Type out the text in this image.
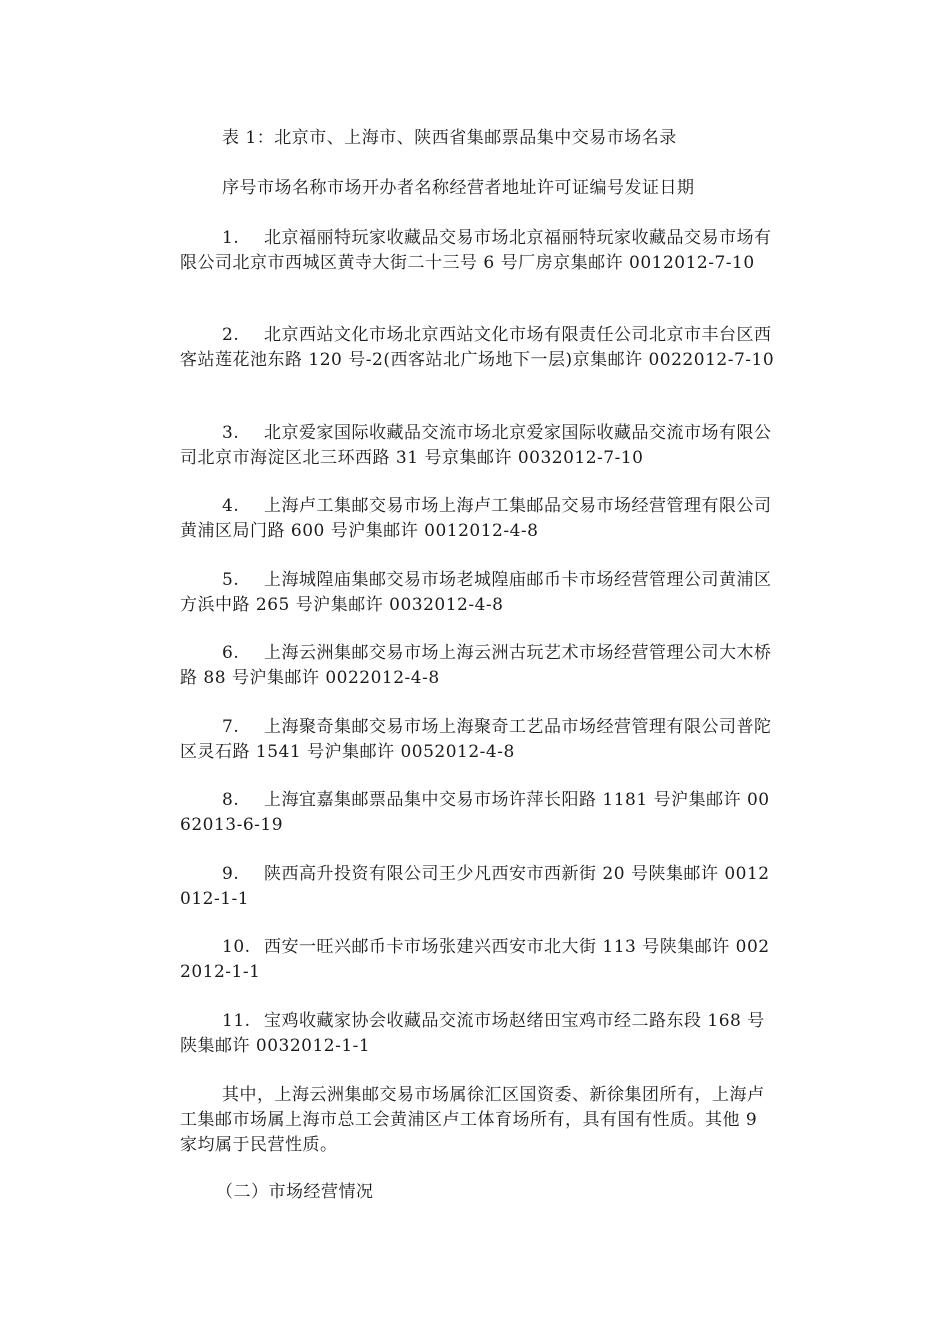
表 1：北京市、上海市、陕西省集邮票品集中交易市场名录

序号市场名称市场开办者名称经营者地址许可证编号发证日期

1. 北京福丽特玩家收藏品交易市场北京福丽特玩家收藏品交易市场有限公司北京市西城区黄寺大街二十三号 6 号厂房京集邮许 0012012-7-10

2. 北京西站文化市场北京西站文化市场有限责任公司北京市丰台区西客站莲花池东路 120 号-2(西客站北广场地下一层)京集邮许 0022012-7-10

3. 北京爱家国际收藏品交流市场北京爱家国际收藏品交流市场有限公司北京市海淀区北三环西路 31 号京集邮许 0032012-7-10

4. 上海卢工集邮交易市场上海卢工集邮品交易市场经营管理有限公司黄浦区局门路 600 号沪集邮许 0012012-4-8

5. 上海城隍庙集邮交易市场老城隍庙邮币卡市场经营管理公司黄浦区方浜中路 265 号沪集邮许 0032012-4-8

6. 上海云洲集邮交易市场上海云洲古玩艺术市场经营管理公司大木桥路 88 号沪集邮许 0022012-4-8

7. 上海聚奇集邮交易市场上海聚奇工艺品市场经营管理有限公司普陀区灵石路 1541 号沪集邮许 0052012-4-8

8. 上海宜嘉集邮票品集中交易市场许萍长阳路 1181 号沪集邮许 0062013-6-19

9. 陕西高升投资有限公司王少凡西安市西新街 20 号陕集邮许 0012012-1-1

10. 西安一旺兴邮币卡市场张建兴西安市北大街 113 号陕集邮许 0022012-1-1

11. 宝鸡收藏家协会收藏品交流市场赵绪田宝鸡市经二路东段 168 号陕集邮许 0032012-1-1

其中，上海云洲集邮交易市场属徐汇区国资委、新徐集团所有，上海卢工集邮市场属上海市总工会黄浦区卢工体育场所有，具有国有性质。其他 9 家均属于民营性质。

（二）市场经营情况
